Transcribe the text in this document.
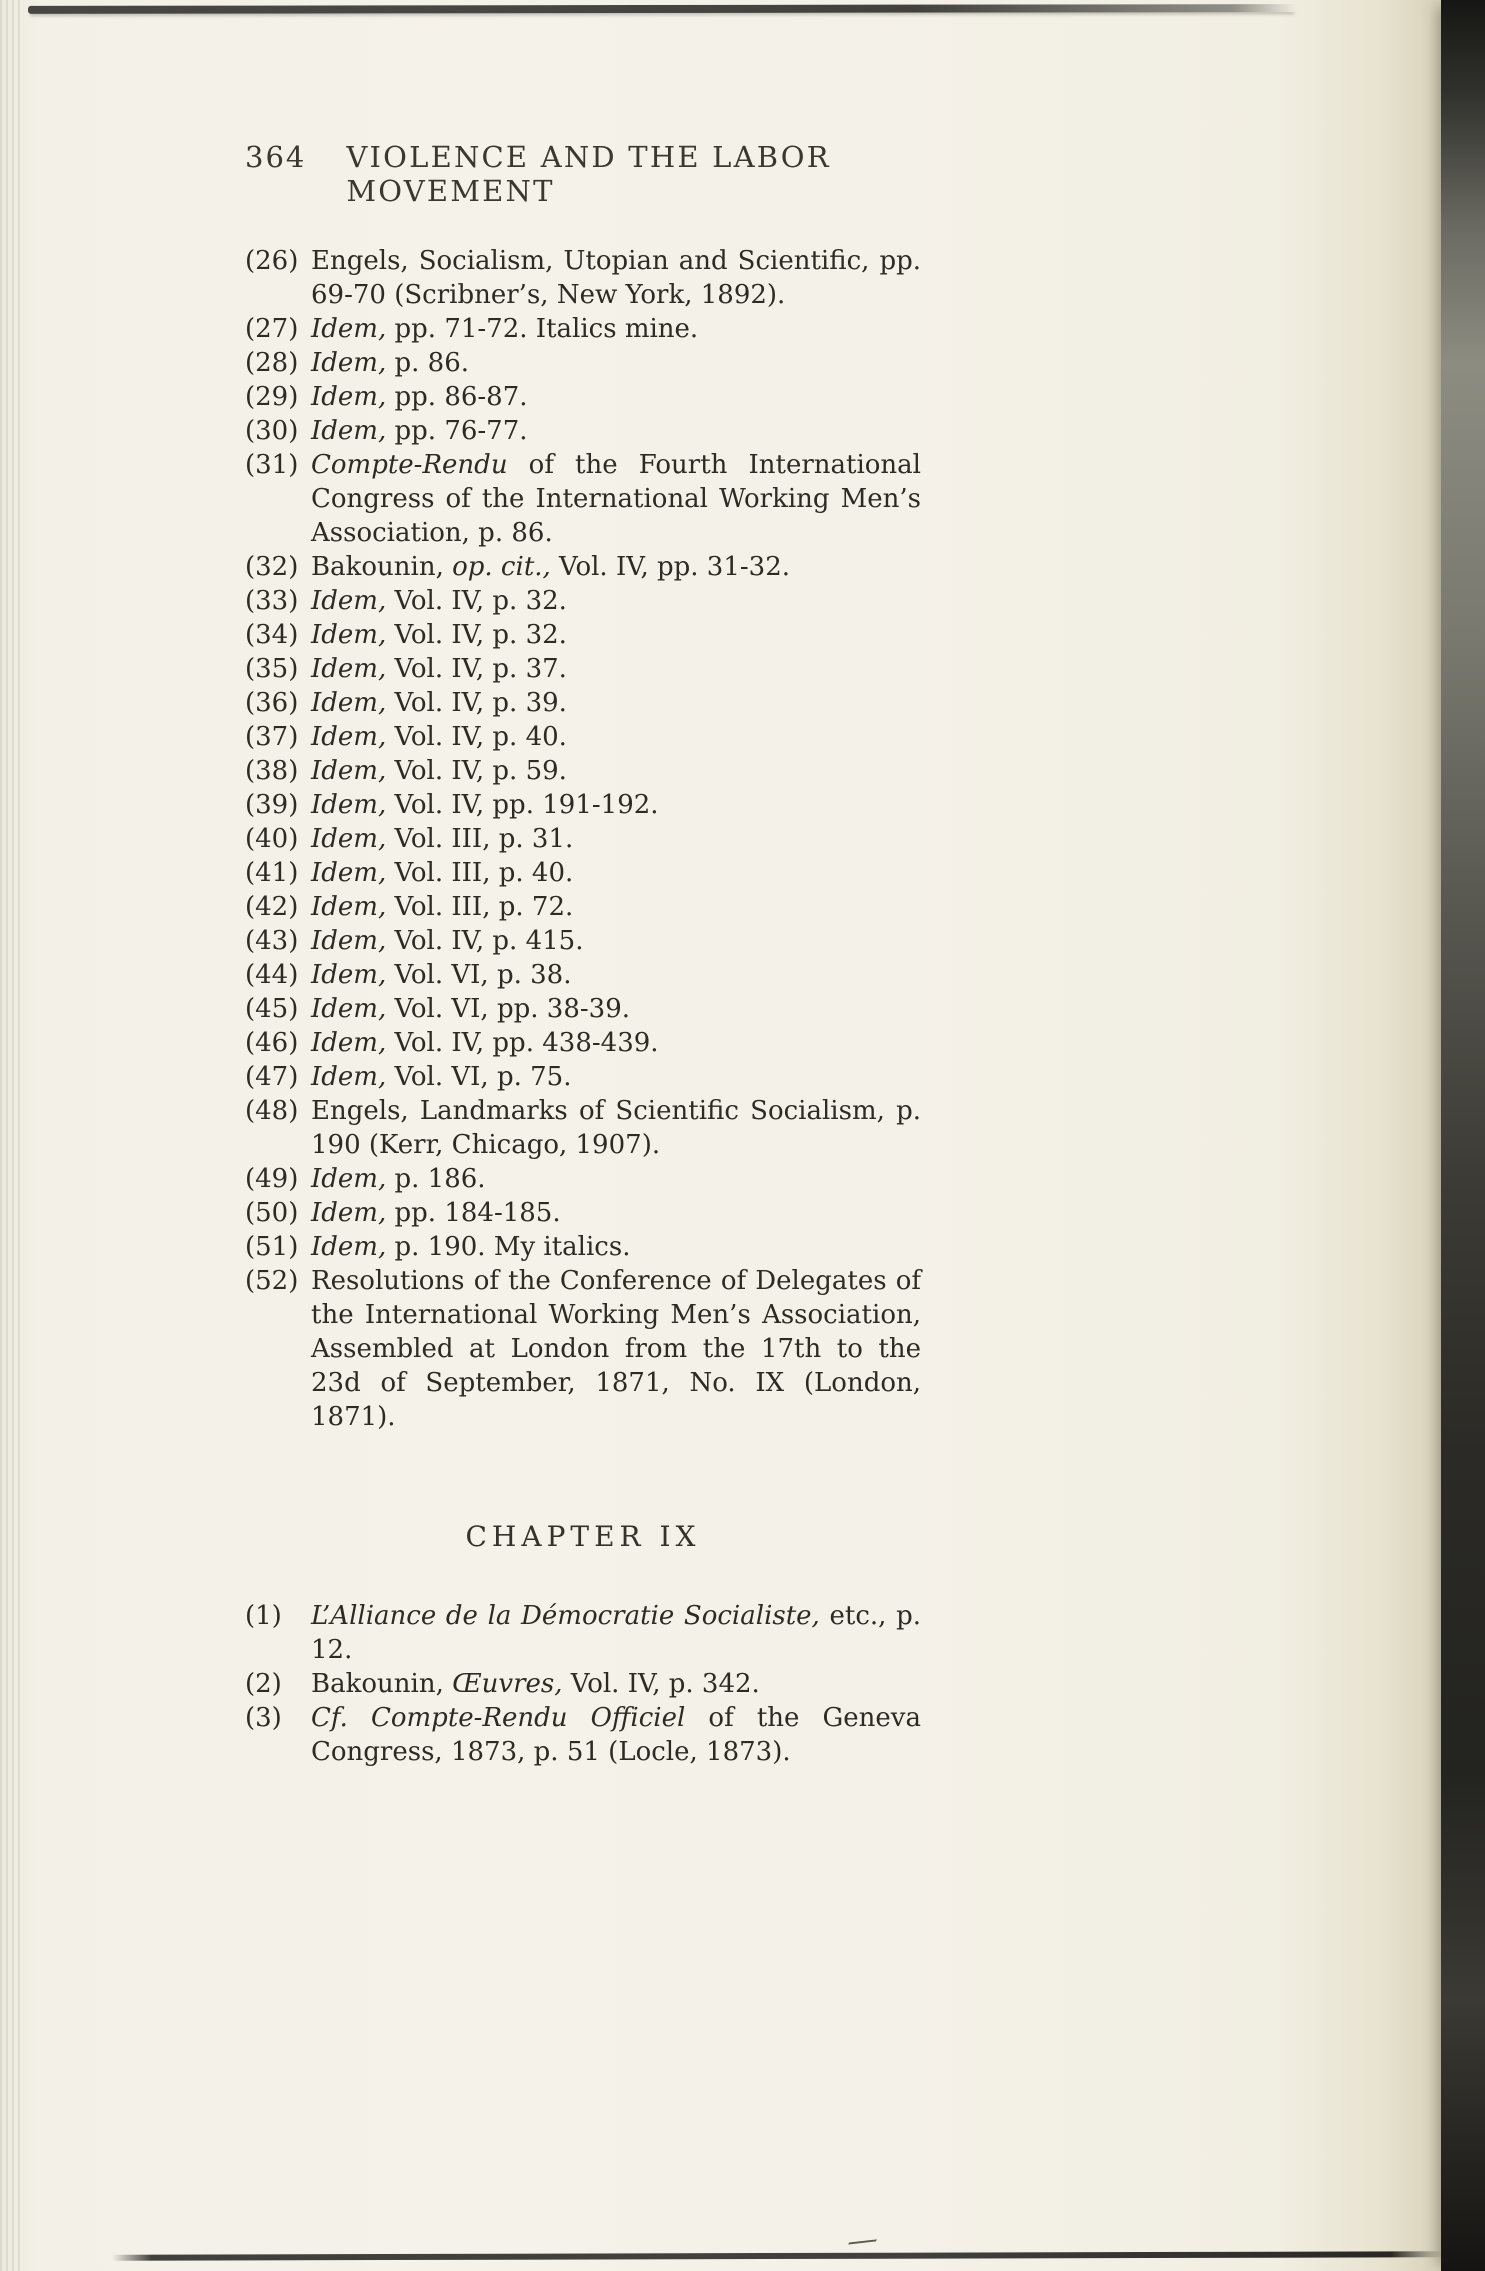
364 VIOLENCE AND THE LABOR MOVEMENT
(26) Engels, Socialism, Utopian and Scientific, pp. 69-70 (Scribner’s, New York, 1892).
(27) Idem, pp. 71-72. Italics mine.
(28) Idem, p. 86.
(29) Idem, pp. 86-87.
(30) Idem, pp. 76-77.
(31) Compte-Rendu of the Fourth International Congress of the International Working Men’s Association, p. 86.
(32) Bakounin, op. cit., Vol. IV, pp. 31-32.
(33) Idem, Vol. IV, p. 32.
(34) Idem, Vol. IV, p. 32.
(35) Idem, Vol. IV, p. 37.
(36) Idem, Vol. IV, p. 39.
(37) Idem, Vol. IV, p. 40.
(38) Idem, Vol. IV, p. 59.
(39) Idem, Vol. IV, pp. 191-192.
(40) Idem, Vol. III, p. 31.
(41) Idem, Vol. III, p. 40.
(42) Idem, Vol. III, p. 72.
(43) Idem, Vol. IV, p. 415.
(44) Idem, Vol. VI, p. 38.
(45) Idem, Vol. VI, pp. 38-39.
(46) Idem, Vol. IV, pp. 438-439.
(47) Idem, Vol. VI, p. 75.
(48) Engels, Landmarks of Scientific Socialism, p. 190 (Kerr, Chicago, 1907).
(49) Idem, p. 186.
(50) Idem, pp. 184-185.
(51) Idem, p. 190. My italics.
(52) Resolutions of the Conference of Delegates of the International Working Men’s Association, Assembled at London from the 17th to the 23d of September, 1871, No. IX (London, 1871).
CHAPTER IX
(1) L’Alliance de la Démocratie Socialiste, etc., p. 12.
(2) Bakounin, Œuvres, Vol. IV, p. 342.
(3) Cf. Compte-Rendu Officiel of the Geneva Congress, 1873, p. 51 (Locle, 1873).
